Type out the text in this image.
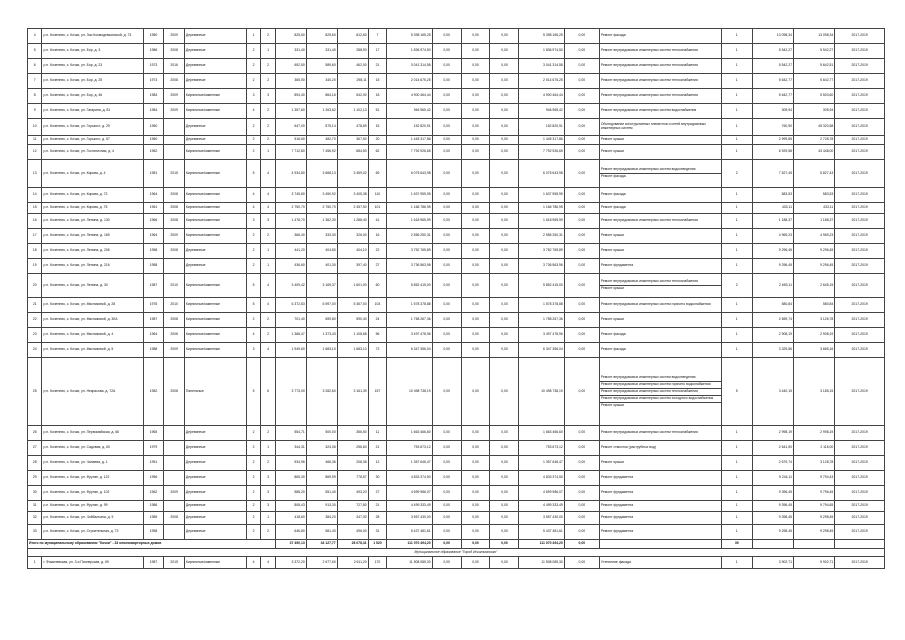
4	р.п. Коченево, с. Кочки, ул. Зои Космодемьянской, д. 73	1980	2009	Деревянные	1	2	825,60	825,60	812,60	7	5 398 165,25	0,00	0,00	0,00	5 398 165,25	0,00	Ремонт фасада	1	13 098,34	13 098,34	2017-2019
5	р.п. Коченево, с. Кочки, ул. Бор, д. 3	1986	2008	Деревянные	2	1	331,40	331,40	288,90	17	1 836 974,50	0,00	0,00	0,00	1 836 974,50	0,00	Ремонт внутридомовых инженерных систем теплоснабжения	1	5 542,27	5 542,27	2017-2019
6	р.п. Коченево, с. Кочки, ул. Бор, д. 23	1973	2016	Деревянные	2	2	652,50	589,60	462,00	21	3 041 314,58	0,00	0,00	0,00	3 041 314,58	0,00	Ремонт внутридомовых инженерных систем теплоснабжения	1	5 542,27	5 642,51	2017-2019
7	р.п. Коченево, с. Кочки, ул. Бор, д. 25	1973	2008	Деревянные	2	2	365,50	340,20	298,11	15	2 014 675,25	0,00	0,00	0,00	2 014 675,25	0,00	Ремонт внутридомовых инженерных систем теплоснабжения	1	5 642,77	5 642,77	2017-2019
8	р.п. Коченево, с. Кочки, ул. Бор, д. 46	1984	2009	Кирпичные/каменные	3	3	894,40	864,16	542,00	18	4 900 464,44	0,00	0,00	0,00	4 900 464,44	0,00	Ремонт внутридомовых инженерных систем теплоснабжения	1	5 642,77	5 503,60	2017-2019
9	р.п. Коченево, с. Кочки, ул. Гагарина, д. 81	1984	2009	Кирпичные/каменные	4	2	1 357,60	1 263,62	1 102,13	51	946 965,42	0,00	0,00	0,00	946 965,42	0,00	Ремонт внутридомовых инженерных систем водоснабжения	1	305,94	305,94	2017-2019
10	р.п. Коченево, с. Кочки, ул. Горького, д. 29	1960		Деревянные	2	2	647,00	575,14	478,69	15	152 820,91	0,00	0,00	0,00	152 820,91	0,00	Обследование конструктивных элементов и сетей внутридомовых инженерных систем	1	760,90	45 320,58	2017-2019
11	р.п. Коченево, с. Кочки, ул. Горького, д. 57	1960		Деревянные	2	2	516,60	482,70	367,50	20	1 445 317,86	0,00	0,00	0,00	1 445 317,86	0,00	Ремонт крыши	1	2 999,85	2 728,78	2017-2019
12	р.п. Коченево, с. Кочки, ул. Гостиничная, д. 4	1962		Кирпичные/каменные	2	1	7 712,80	7 456,92	684,50	62	7 792 926,65	0,00	0,00	0,00	7 792 926,65	0,00	Ремонт крыши	1	6 929,58	43 448,00	2017-2019
13	р.п. Коченево, с. Кочки, ул. Кирова, д. 4	1981	2015	Кирпичные/каменные	5	4	4 934,80	3 668,13	3 459,02	69	6 075 643,98	0,00	0,00	0,00	6 075 643,98	0,00	Ремонт внутридомовых инженерных систем водоотведения
Ремонт фасада	2	7 527,45	5 827,43	2017-2019
14	р.п. Коченево, с. Кочки, ул. Кирова, д. 73	1964	2008	Кирпичные/каменные	4	4	3 745,80	3 450,92	3 405,38	110	1 637 955,95	0,00	0,00	0,00	1 637 955,95	0,00	Ремонт фасада	1	583,53	583,53	2017-2019
15	р.п. Коченево, с. Кочки, ул. Кирова, д. 75	1961	2008	Кирпичные/каменные	4	4	2 750,70	2 750,70	2 457,50	101	1 166 786,95	0,00	0,00	0,00	1 166 786,95	0,00	Ремонт фасада	1	433,11	433,11	2017-2019
16	р.п. Коченево, с. Кочки, ул. Ленина, д. 130	1966	2008	Кирпичные/каменные	3	3	1 478,70	1 362,30	1 288,40	41	1 618 965,99	0,00	0,00	0,00	1 618 965,99	0,00	Ремонт внутридомовых инженерных систем теплоснабжения	1	1 188,37	1 188,37	2017-2019
17	р.п. Коченево, с. Кочки, ул. Ленина, д. 169	1964	2009	Кирпичные/каменные	2	2	366,40	333,30	326,00	16	2 556 250,31	0,00	0,00	0,00	2 556 250,31	0,00	Ремонт крыши	1	4 969,23	4 969,23	2017-2019
18	р.п. Коченево, с. Кочки, ул. Ленина, д. 206	1958	2008	Деревянные	2	1	441,20	404,80	404,10	22	3 752 765,89	0,00	0,00	0,00	3 752 765,89	0,00	Ремонт крыши	1	9 296,45	9 296,45	2017-2019
19	р.п. Коченево, с. Кочки, ул. Ленина, д. 216	1958		Деревянные	2	1	436,60	401,30	397,40	27	3 736 563,96	0,00	0,00	0,00	3 736 563,96	0,00	Ремонт фундамента	1	9 296,45	9 296,45	2017-2019
20	р.п. Коченево, с. Кочки, ул. Ленина, д. 30	1987	2010	Кирпичные/каменные	5	4	3 409,42	3 169,37	1 601,00	60	5 852 415,00	0,00	0,00	0,00	5 852 415,00	0,00	Ремонт внутридомовых инженерных систем теплоснабжения
Ремонт крыши	2	2 653,11	2 645,15	2017-2019
21	р.п. Коченево, с. Кочки, ул. Мясниковой, д. 28	1978	2010	Кирпичные/каменные	5	4	6 372,83	6 597,00	5 367,00	103	1 578 378,88	0,00	0,00	0,00	1 578 378,88	0,00	Ремонт внутридомовых инженерных систем горячего водоснабжения	1	580,84	580,84	2017-2019
22	р.п. Коченево, с. Кочки, ул. Мясниковой, д. 30А	1987	2008	Кирпичные/каменные	2	2	701,40	659,80	590,40	24	1 758 267,36	0,00	0,00	0,00	1 758 267,36	0,00	Ремонт крыши	1	2 659,74	3 126,78	2017-2019
23	р.п. Коченево, с. Кочки, ул. Мясниковой, д. 4	1964	2008	Кирпичные/каменные	4	2	1 366,47	1 373,43	1 108,68	56	3 497 478,96	0,00	0,00	0,00	3 497 478,96	0,00	Ремонт фасада	1	2 908,19	2 908,19	2017-2019
24	р.п. Коченево, с. Кочки, ул. Мясниковой, д. 5	1988	2009	Кирпичные/каменные	3	4	1 949,60	1 683,10	1 683,10	72	6 347 356,04	0,00	0,00	0,00	6 347 356,04	0,00	Ремонт фасада	1	3 329,56	3 665,16	2017-2019
25	р.п. Коченево, с. Кочки, ул. Некрасова, д. 72А	1982	2008	Панельные	5	6	3 773,00	3 282,60	3 161,39	157	10 498 738,19	0,00	0,00	0,00	10 498 738,19	0,00	Ремонт внутридомовых инженерных систем водоотведения
Ремонт внутридомовых инженерных систем горячего водоснабжения
Ремонт внутридомовых инженерных систем теплоснабжения
Ремонт внутридомовых инженерных систем холодного водоснабжения
Ремонт крыши	5	3 440,15	3 185,15	2017-2019
26	р.п. Коченево, с. Кочки, ул. Первомайская, д. 66	1965		Деревянные	2	2	554,71	500,00	356,50	11	1 663 466,60	0,00	0,00	0,00	1 663 466,60	0,00	Ремонт внутридомовых инженерных систем теплоснабжения	1	2 998,19	2 998,19	2017-2019
27	р.п. Коченево, с. Кочки, ул. Садовая, д. 60	1979		Деревянные	2	1	344,31	324,06	256,60	21	753 673,12	0,00	0,00	0,00	753 673,12	0,00	Ремонт отмостки (раструбных вод)	1	2 641,50	2 116,00	2017-2019
28	р.п. Коченево, с. Кочки, ул. Чапаева, д. 1	1951		Деревянные	2	2	534,96	466,36	208,36	12	1 357 646,47	0,00	0,00	0,00	1 357 646,47	0,00	Ремонт крыши	1	2 679,74	3 128,78	2017-2019
29	р.п. Коченево, с. Кочки, ул. Фрунзе, д. 122	1956		Деревянные	2	3	865,30	869,99	778,57	30	4 833 374,50	0,00	0,00	0,00	4 833 374,50	0,00	Ремонт фундамента	1	9 244,11	9 794,43	2017-2019
30	р.п. Коченево, с. Кочки, ул. Фрунзе, д. 102	1962	2009	Деревянные	2	3	588,20	551,40	493,20	27	4 699 986,07	0,00	0,00	0,00	4 699 986,07	0,00	Ремонт фундамента	1	9 396,45	9 796,45	2017-2019
31	р.п. Коченево, с. Кочки, ул. Фрунзе, д. 99	1986		Деревянные	2	3	808,43	913,30	727,80	21	4 499 333,49	0,00	0,00	0,00	4 499 333,49	0,00	Ремонт фундамента	1	9 396,45	9 794,65	2017-2019
32	р.п. Коченево, с. Кочки, ул. Чойбалсана, д. 5	1985	2008	Деревянные	2	1	418,60	384,20	347,30	28	3 557 430,00	0,00	0,00	0,00	3 557 430,00	0,00	Ремонт фундамента	1	9 398,45	9 298,45	2017-2019
33	р.п. Коченево, с. Кочки, ул. Строительная, д. 73	1958		Деревянные	2	2	646,80	581,40	496,00	31	5 437 481,61	0,00	0,00	0,00	5 437 481,61	0,00	Ремонт фундамента	1	9 298,45	9 298,45	2017-2019
Итого по муниципальному образованию "Кочки" - 33 многоквартирных домов							37 490,13	34 127,77	28 078,31	1 520	111 070 494,20	0,00	0,00	0,00	111 070 494,20	0,00		39			
Муниципальное образование "Город Искитимского"																					
1	г. Фомичевская, ул. 3-я Пионерская, д. 69	1987	2015	Кирпичные/каменные	4	4	3 372,20	2 677,60	2 611,20	170	11 508 085,30	0,00	0,00	0,00	11 508 085,30	0,00	Утепление фасада	1	3 902,71	5 902,71	2017-2019
